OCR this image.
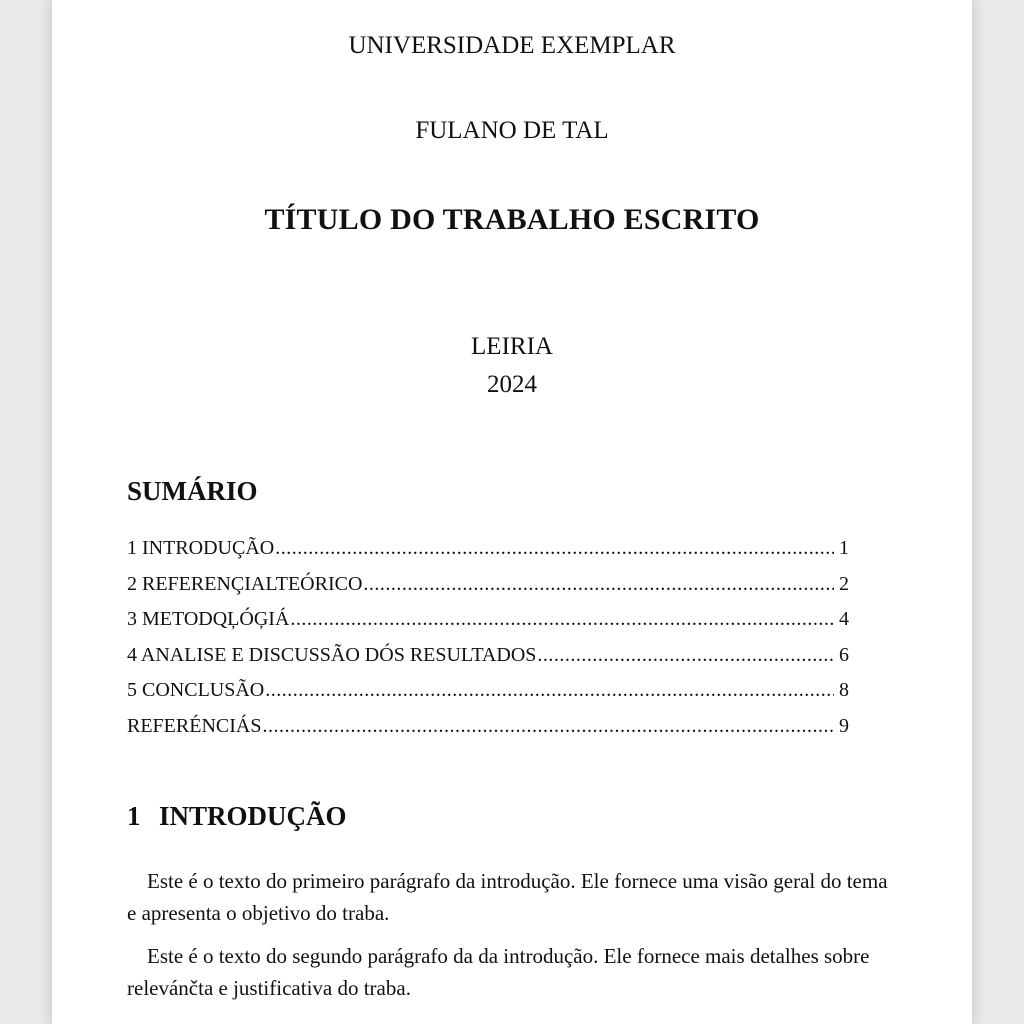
UNIVERSIDADE EXEMPLAR
FULANO DE TAL
TÍTULO DO TRABALHO ESCRITO
LEIRIA
2024
SUMÁRIO
1 INTRODUÇÃO .....	1
2 REFERENÇIALTEÓRICO .....	2
3 METODQĻÓĢIÁ .....	4
4 ANALISE E DISCUSSÃO DÓS RESULTADOS .....	6
5 CONCLUSÃO .....	8
REFERÉNCIÁS .....	9
1 INTRODUÇÃO

Este é o texto do primeiro parágrafo da introdução. Ele fornece uma visão geral do tema e apresenta o objetivo do traba.

Este é o texto do segundo parágrafo da da introdução. Ele fornece mais detalhes sobre relevánčta e justificativa do traba.
